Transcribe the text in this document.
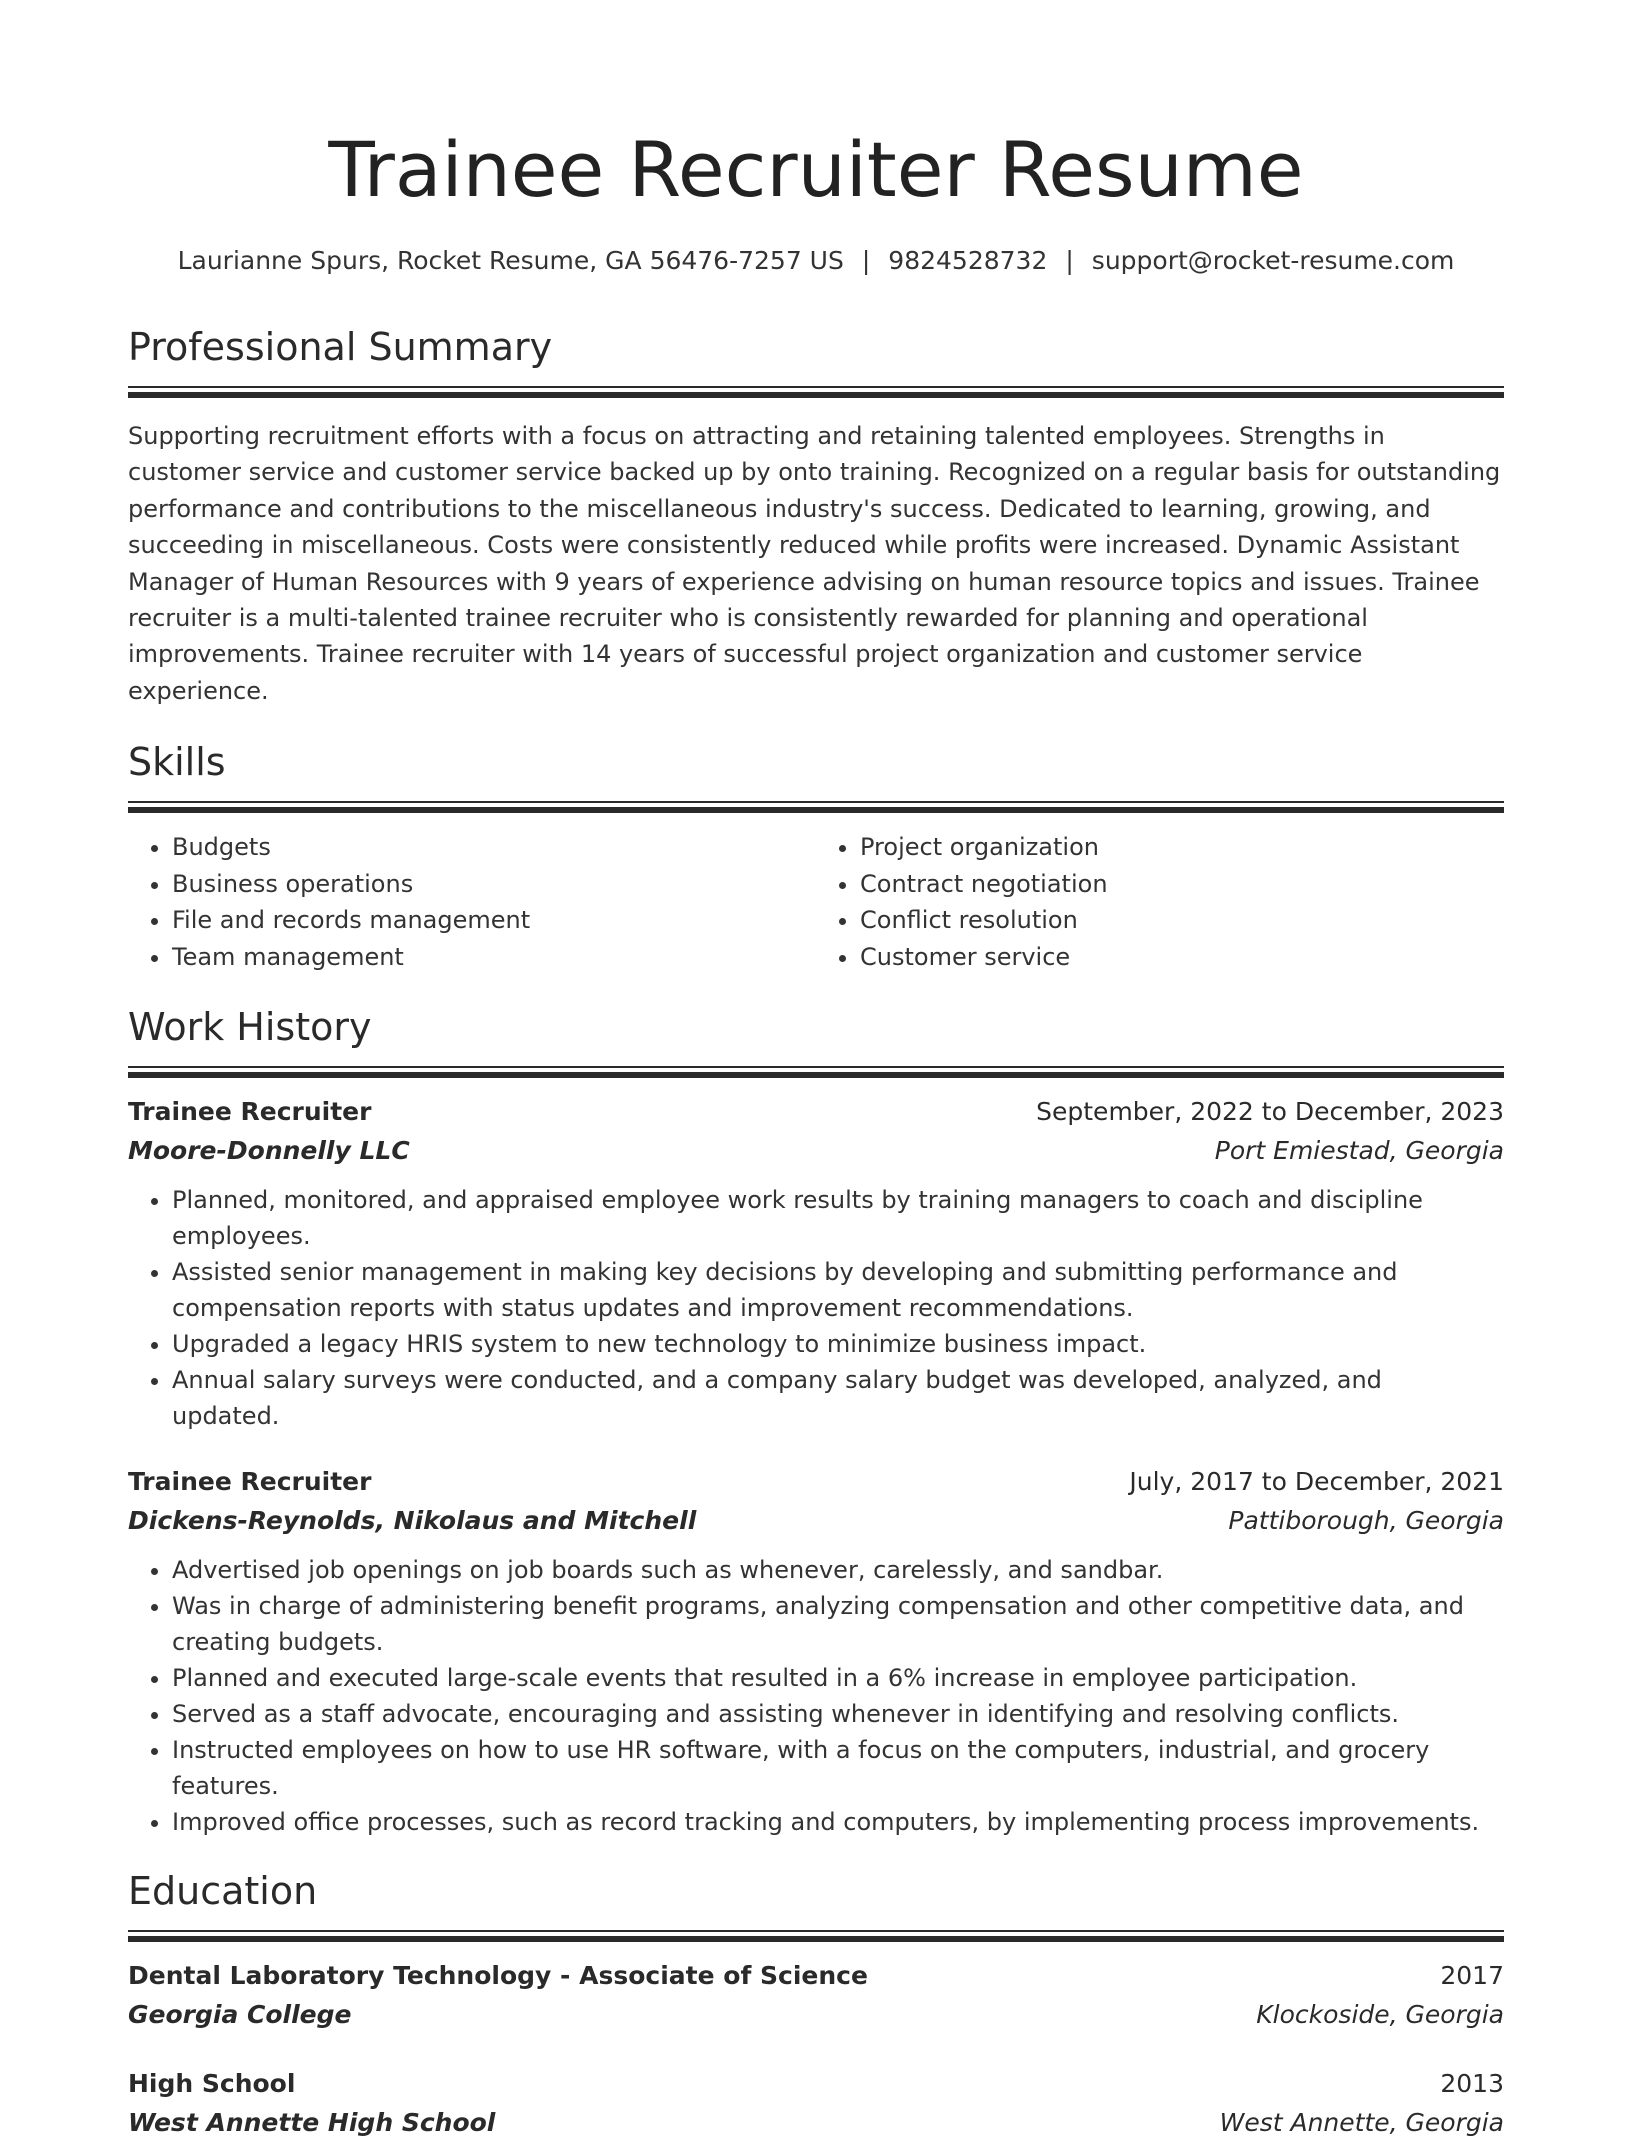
Trainee Recruiter Resume
Laurianne Spurs, Rocket Resume, GA 56476-7257 US | 9824528732 | support@rocket-resume.com
Professional Summary
Supporting recruitment efforts with a focus on attracting and retaining talented employees. Strengths in customer service and customer service backed up by onto training. Recognized on a regular basis for outstanding performance and contributions to the miscellaneous industry's success. Dedicated to learning, growing, and succeeding in miscellaneous. Costs were consistently reduced while profits were increased. Dynamic Assistant Manager of Human Resources with 9 years of experience advising on human resource topics and issues. Trainee recruiter is a multi-talented trainee recruiter who is consistently rewarded for planning and operational improvements. Trainee recruiter with 14 years of successful project organization and customer service experience.
Skills
• Budgets
• Business operations
• File and records management
• Team management
• Project organization
• Contract negotiation
• Conflict resolution
• Customer service
Work History
Trainee Recruiter	September, 2022 to December, 2023
Moore-Donnelly LLC	Port Emiestad, Georgia
• Planned, monitored, and appraised employee work results by training managers to coach and discipline employees.
• Assisted senior management in making key decisions by developing and submitting performance and compensation reports with status updates and improvement recommendations.
• Upgraded a legacy HRIS system to new technology to minimize business impact.
• Annual salary surveys were conducted, and a company salary budget was developed, analyzed, and updated.
Trainee Recruiter	July, 2017 to December, 2021
Dickens-Reynolds, Nikolaus and Mitchell	Pattiborough, Georgia
• Advertised job openings on job boards such as whenever, carelessly, and sandbar.
• Was in charge of administering benefit programs, analyzing compensation and other competitive data, and creating budgets.
• Planned and executed large-scale events that resulted in a 6% increase in employee participation.
• Served as a staff advocate, encouraging and assisting whenever in identifying and resolving conflicts.
• Instructed employees on how to use HR software, with a focus on the computers, industrial, and grocery features.
• Improved office processes, such as record tracking and computers, by implementing process improvements.
Education
Dental Laboratory Technology - Associate of Science	2017
Georgia College	Klockoside, Georgia
High School	2013
West Annette High School	West Annette, Georgia
